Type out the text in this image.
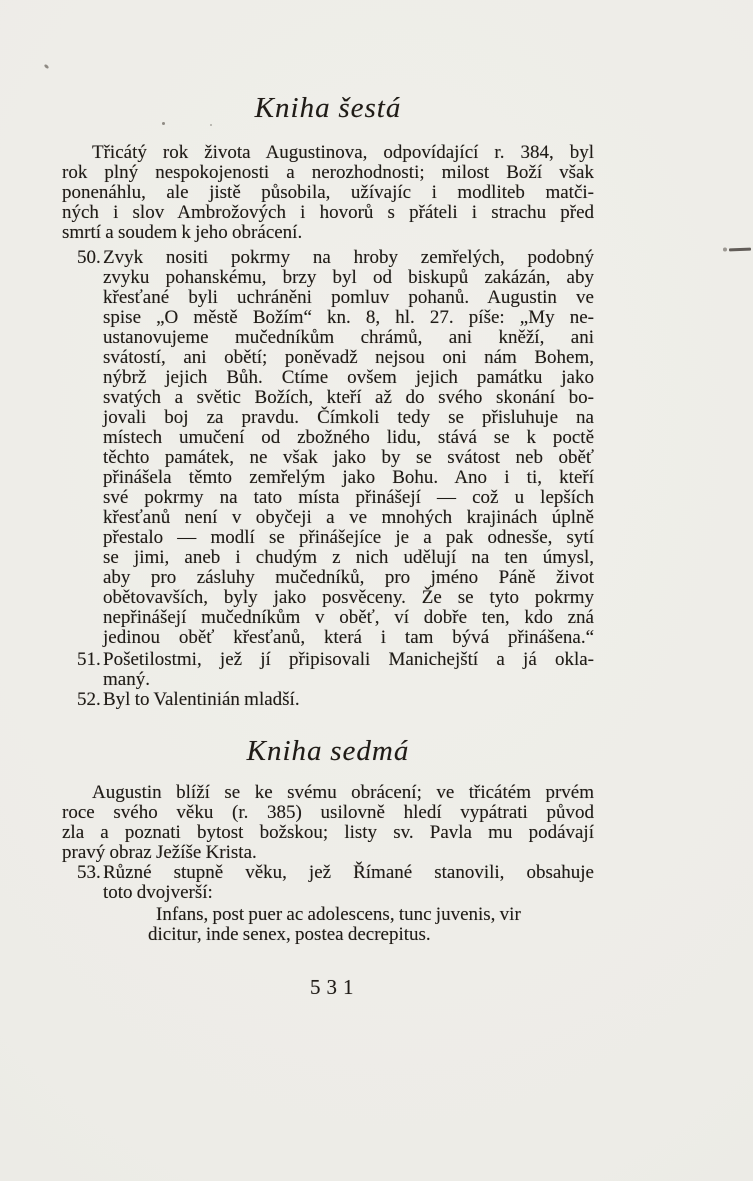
Kniha šestá
Třicátý rok života Augustinova, odpovídající r. 384, byl
rok plný nespokojenosti a nerozhodnosti; milost Boží však
ponenáhlu, ale jistě působila, užívajíc i modliteb matči-
ných i slov Ambrožových i hovorů s přáteli i strachu před
smrtí a soudem k jeho obrácení.
50. Zvyk nositi pokrmy na hroby zemřelých, podobný
zvyku pohanskému, brzy byl od biskupů zakázán, aby
křesťané byli uchráněni pomluv pohanů. Augustin ve
spise „O městě Božím“ kn. 8, hl. 27. píše: „My ne-
ustanovujeme mučedníkům chrámů, ani kněží, ani
svátostí, ani obětí; poněvadž nejsou oni nám Bohem,
nýbrž jejich Bůh. Ctíme ovšem jejich památku jako
svatých a světic Božích, kteří až do svého skonání bo-
jovali boj za pravdu. Čímkoli tedy se přisluhuje na
místech umučení od zbožného lidu, stává se k poctě
těchto památek, ne však jako by se svátost neb oběť
přinášela těmto zemřelým jako Bohu. Ano i ti, kteří
své pokrmy na tato místa přinášejí — což u lepších
křesťanů není v obyčeji a ve mnohých krajinách úplně
přestalo — modlí se přinášejíce je a pak odnesše, sytí
se jimi, aneb i chudým z nich udělují na ten úmysl,
aby pro zásluhy mučedníků, pro jméno Páně život
obětovavších, byly jako posvěceny. Že se tyto pokrmy
nepřinášejí mučedníkům v oběť, ví dobře ten, kdo zná
jedinou oběť křesťanů, která i tam bývá přinášena.“
51. Pošetilostmi, jež jí připisovali Manichejští a já okla-
maný.
52. Byl to Valentinián mladší.
Kniha sedmá
Augustin blíží se ke svému obrácení; ve třicátém prvém
roce svého věku (r. 385) usilovně hledí vypátrati původ
zla a poznati bytost božskou; listy sv. Pavla mu podávají
pravý obraz Ježíše Krista.
53. Různé stupně věku, jež Římané stanovili, obsahuje
toto dvojverší:
Infans, post puer ac adolescens, tunc juvenis, vir
dicitur, inde senex, postea decrepitus.
531
